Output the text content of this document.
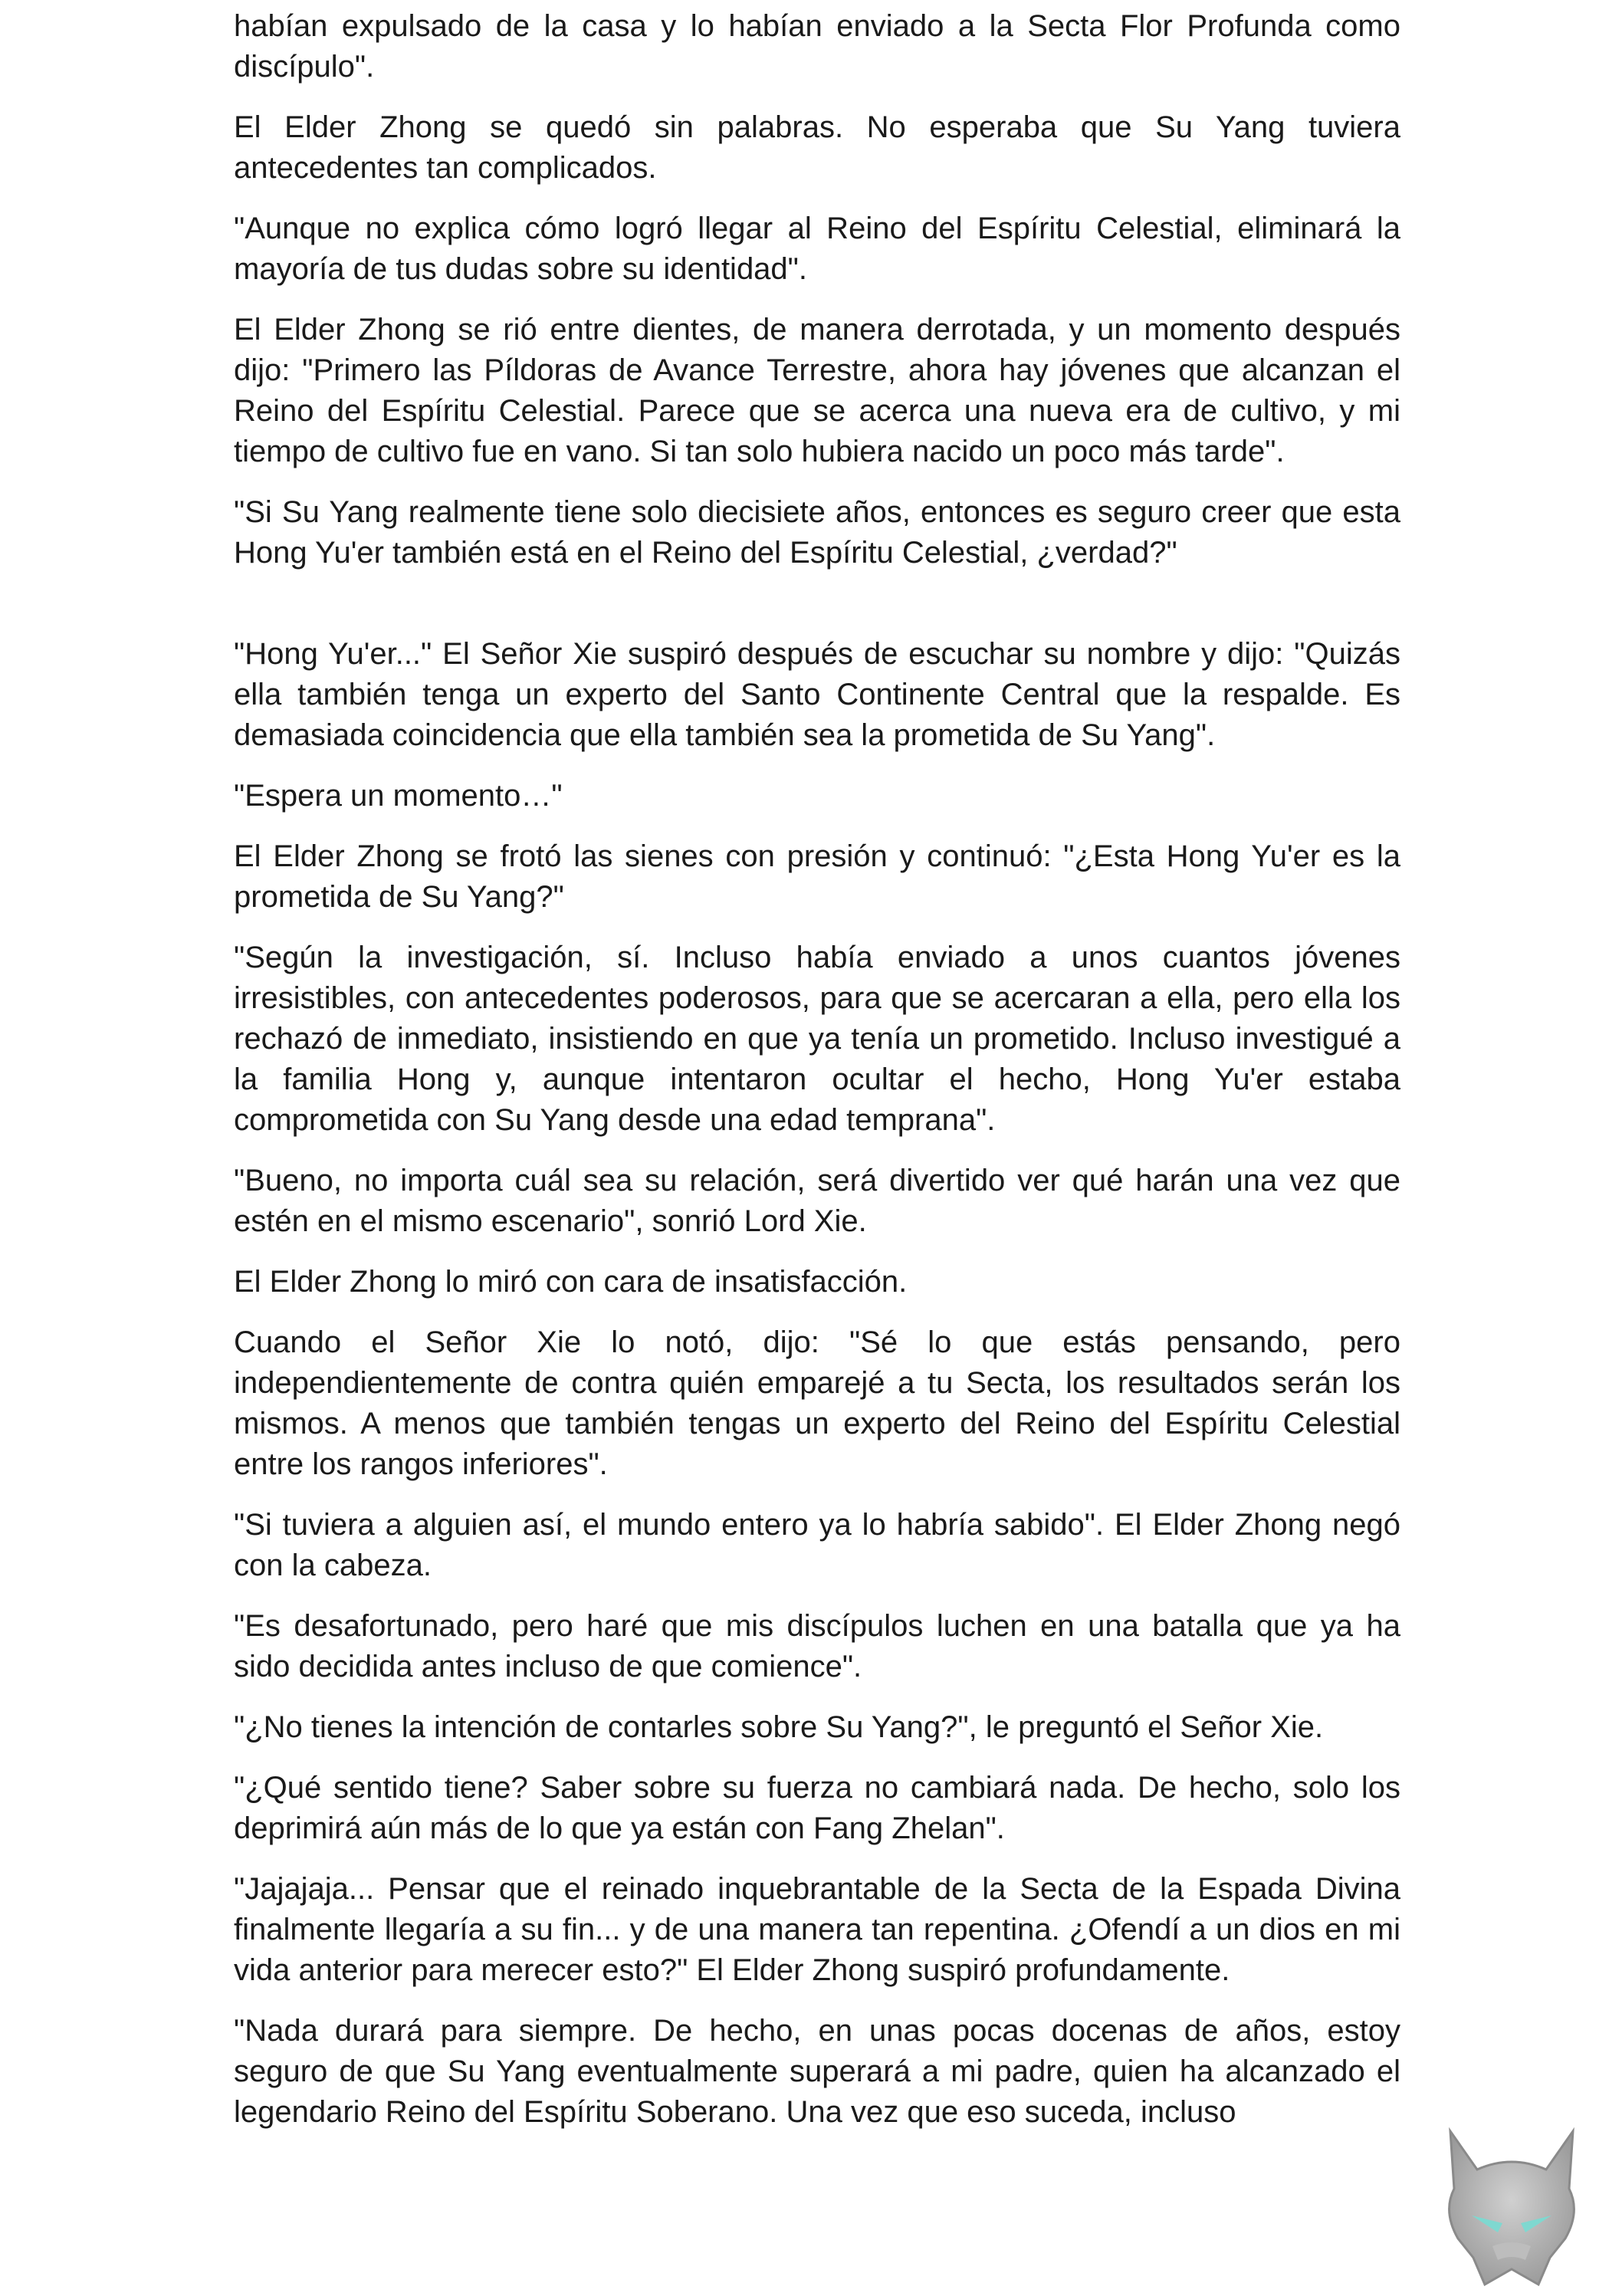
habían expulsado de la casa y lo habían enviado a la Secta Flor Profunda como discípulo".

El Elder Zhong se quedó sin palabras. No esperaba que Su Yang tuviera antecedentes tan complicados.

"Aunque no explica cómo logró llegar al Reino del Espíritu Celestial, eliminará la mayoría de tus dudas sobre su identidad".

El Elder Zhong se rió entre dientes, de manera derrotada, y un momento después dijo: "Primero las Píldoras de Avance Terrestre, ahora hay jóvenes que alcanzan el Reino del Espíritu Celestial. Parece que se acerca una nueva era de cultivo, y mi tiempo de cultivo fue en vano. Si tan solo hubiera nacido un poco más tarde".

"Si Su Yang realmente tiene solo diecisiete años, entonces es seguro creer que esta Hong Yu'er también está en el Reino del Espíritu Celestial, ¿verdad?"

"Hong Yu'er..." El Señor Xie suspiró después de escuchar su nombre y dijo: "Quizás ella también tenga un experto del Santo Continente Central que la respalde. Es demasiada coincidencia que ella también sea la prometida de Su Yang".

"Espera un momento…"

El Elder Zhong se frotó las sienes con presión y continuó: "¿Esta Hong Yu'er es la prometida de Su Yang?"

"Según la investigación, sí. Incluso había enviado a unos cuantos jóvenes irresistibles, con antecedentes poderosos, para que se acercaran a ella, pero ella los rechazó de inmediato, insistiendo en que ya tenía un prometido. Incluso investigué a la familia Hong y, aunque intentaron ocultar el hecho, Hong Yu'er estaba comprometida con Su Yang desde una edad temprana".

"Bueno, no importa cuál sea su relación, será divertido ver qué harán una vez que estén en el mismo escenario", sonrió Lord Xie.

El Elder Zhong lo miró con cara de insatisfacción.

Cuando el Señor Xie lo notó, dijo: "Sé lo que estás pensando, pero independientemente de contra quién emparejé a tu Secta, los resultados serán los mismos. A menos que también tengas un experto del Reino del Espíritu Celestial entre los rangos inferiores".

"Si tuviera a alguien así, el mundo entero ya lo habría sabido". El Elder Zhong negó con la cabeza.

"Es desafortunado, pero haré que mis discípulos luchen en una batalla que ya ha sido decidida antes incluso de que comience".

"¿No tienes la intención de contarles sobre Su Yang?", le preguntó el Señor Xie.

"¿Qué sentido tiene? Saber sobre su fuerza no cambiará nada. De hecho, solo los deprimirá aún más de lo que ya están con Fang Zhelan".

"Jajajaja... Pensar que el reinado inquebrantable de la Secta de la Espada Divina finalmente llegaría a su fin... y de una manera tan repentina. ¿Ofendí a un dios en mi vida anterior para merecer esto?" El Elder Zhong suspiró profundamente.

"Nada durará para siempre. De hecho, en unas pocas docenas de años, estoy seguro de que Su Yang eventualmente superará a mi padre, quien ha alcanzado el legendario Reino del Espíritu Soberano. Una vez que eso suceda, incluso
